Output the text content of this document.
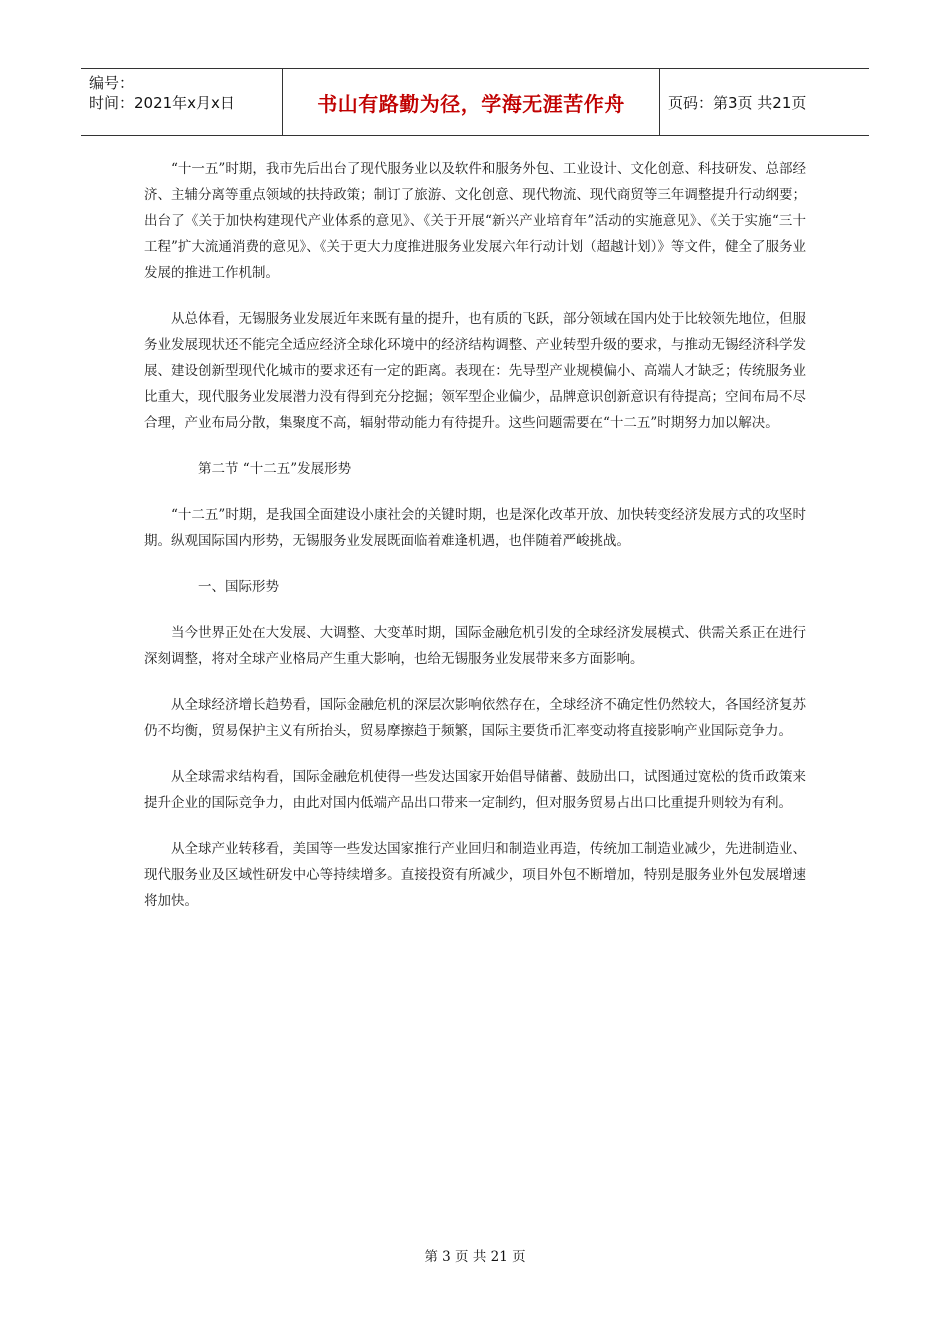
编号：
时间：2021年x月x日	书山有路勤为径，学海无涯苦作舟	页码：第3页 共21页

“十一五”时期，我市先后出台了现代服务业以及软件和服务外包、工业设计、文化创意、科技研发、总部经济、主辅分离等重点领域的扶持政策；制订了旅游、文化创意、现代物流、现代商贸等三年调整提升行动纲要；出台了《关于加快构建现代产业体系的意见》、《关于开展“新兴产业培育年”活动的实施意见》、《关于实施“三十工程”扩大流通消费的意见》、《关于更大力度推进服务业发展六年行动计划（超越计划）》等文件，健全了服务业发展的推进工作机制。

从总体看，无锡服务业发展近年来既有量的提升，也有质的飞跃，部分领域在国内处于比较领先地位，但服务业发展现状还不能完全适应经济全球化环境中的经济结构调整、产业转型升级的要求，与推动无锡经济科学发展、建设创新型现代化城市的要求还有一定的距离。表现在：先导型产业规模偏小、高端人才缺乏；传统服务业比重大，现代服务业发展潜力没有得到充分挖掘；领军型企业偏少，品牌意识创新意识有待提高；空间布局不尽合理，产业布局分散，集聚度不高，辐射带动能力有待提升。这些问题需要在“十二五”时期努力加以解决。

第二节 “十二五”发展形势

“十二五”时期，是我国全面建设小康社会的关键时期，也是深化改革开放、加快转变经济发展方式的攻坚时期。纵观国际国内形势，无锡服务业发展既面临着难逢机遇，也伴随着严峻挑战。

一、国际形势

当今世界正处在大发展、大调整、大变革时期，国际金融危机引发的全球经济发展模式、供需关系正在进行深刻调整，将对全球产业格局产生重大影响，也给无锡服务业发展带来多方面影响。

从全球经济增长趋势看，国际金融危机的深层次影响依然存在，全球经济不确定性仍然较大，各国经济复苏仍不均衡，贸易保护主义有所抬头，贸易摩擦趋于频繁，国际主要货币汇率变动将直接影响产业国际竞争力。

从全球需求结构看，国际金融危机使得一些发达国家开始倡导储蓄、鼓励出口，试图通过宽松的货币政策来提升企业的国际竞争力，由此对国内低端产品出口带来一定制约，但对服务贸易占出口比重提升则较为有利。

从全球产业转移看，美国等一些发达国家推行产业回归和制造业再造，传统加工制造业减少，先进制造业、现代服务业及区域性研发中心等持续增多。直接投资有所减少，项目外包不断增加，特别是服务业外包发展增速将加快。

第 3 页 共 21 页
